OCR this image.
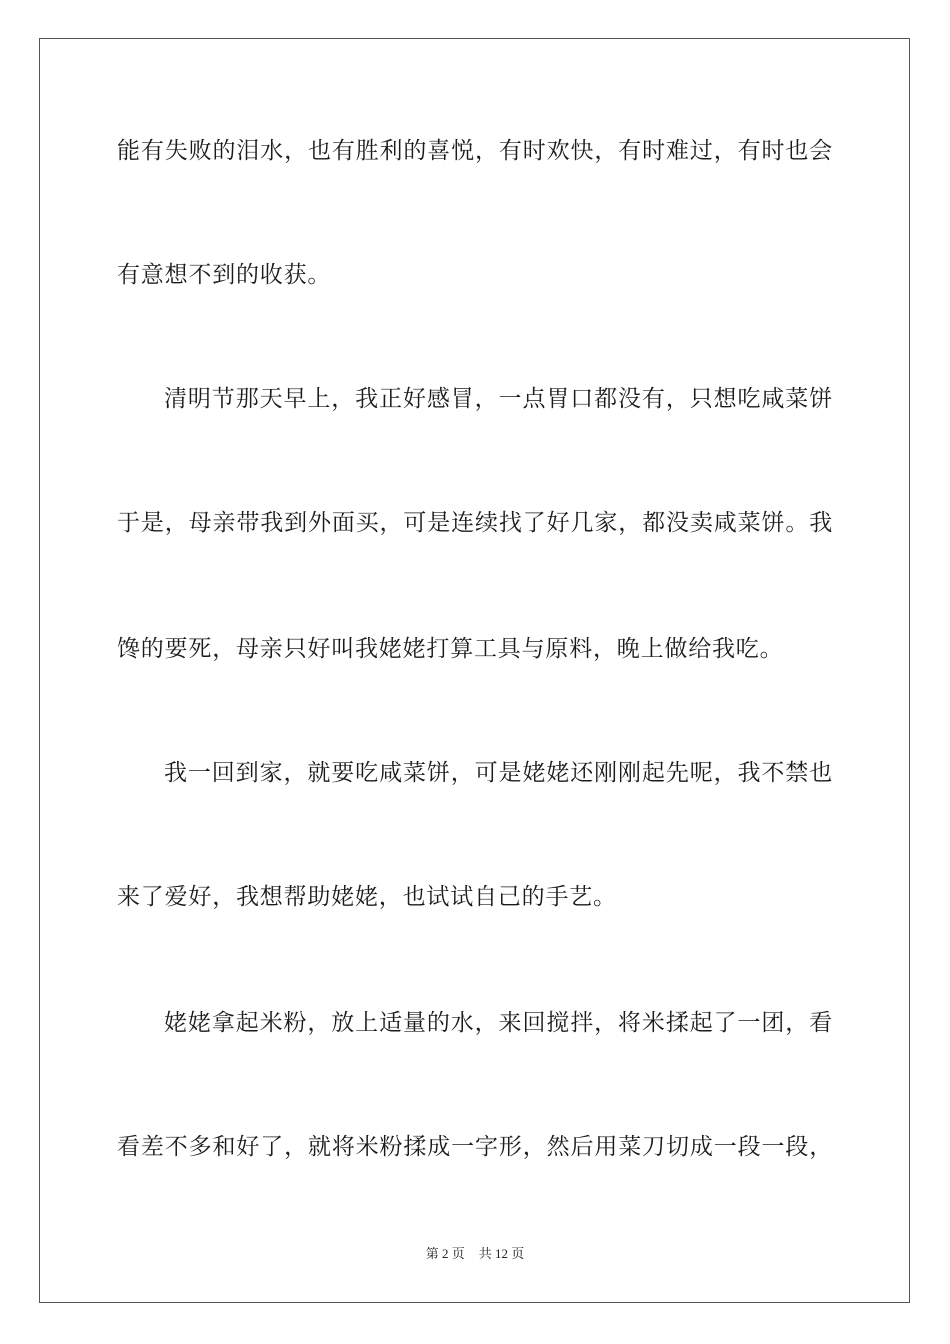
能有失败的泪水，也有胜利的喜悦，有时欢快，有时难过，有时也会
有意想不到的收获。
清明节那天早上，我正好感冒，一点胃口都没有，只想吃咸菜饼
于是，母亲带我到外面买，可是连续找了好几家，都没卖咸菜饼。我
馋的要死，母亲只好叫我姥姥打算工具与原料，晚上做给我吃。
我一回到家，就要吃咸菜饼，可是姥姥还刚刚起先呢，我不禁也
来了爱好，我想帮助姥姥，也试试自己的手艺。
姥姥拿起米粉，放上适量的水，来回搅拌，将米揉起了一团，看
看差不多和好了，就将米粉揉成一字形，然后用菜刀切成一段一段，
第 2 页 共 12 页
